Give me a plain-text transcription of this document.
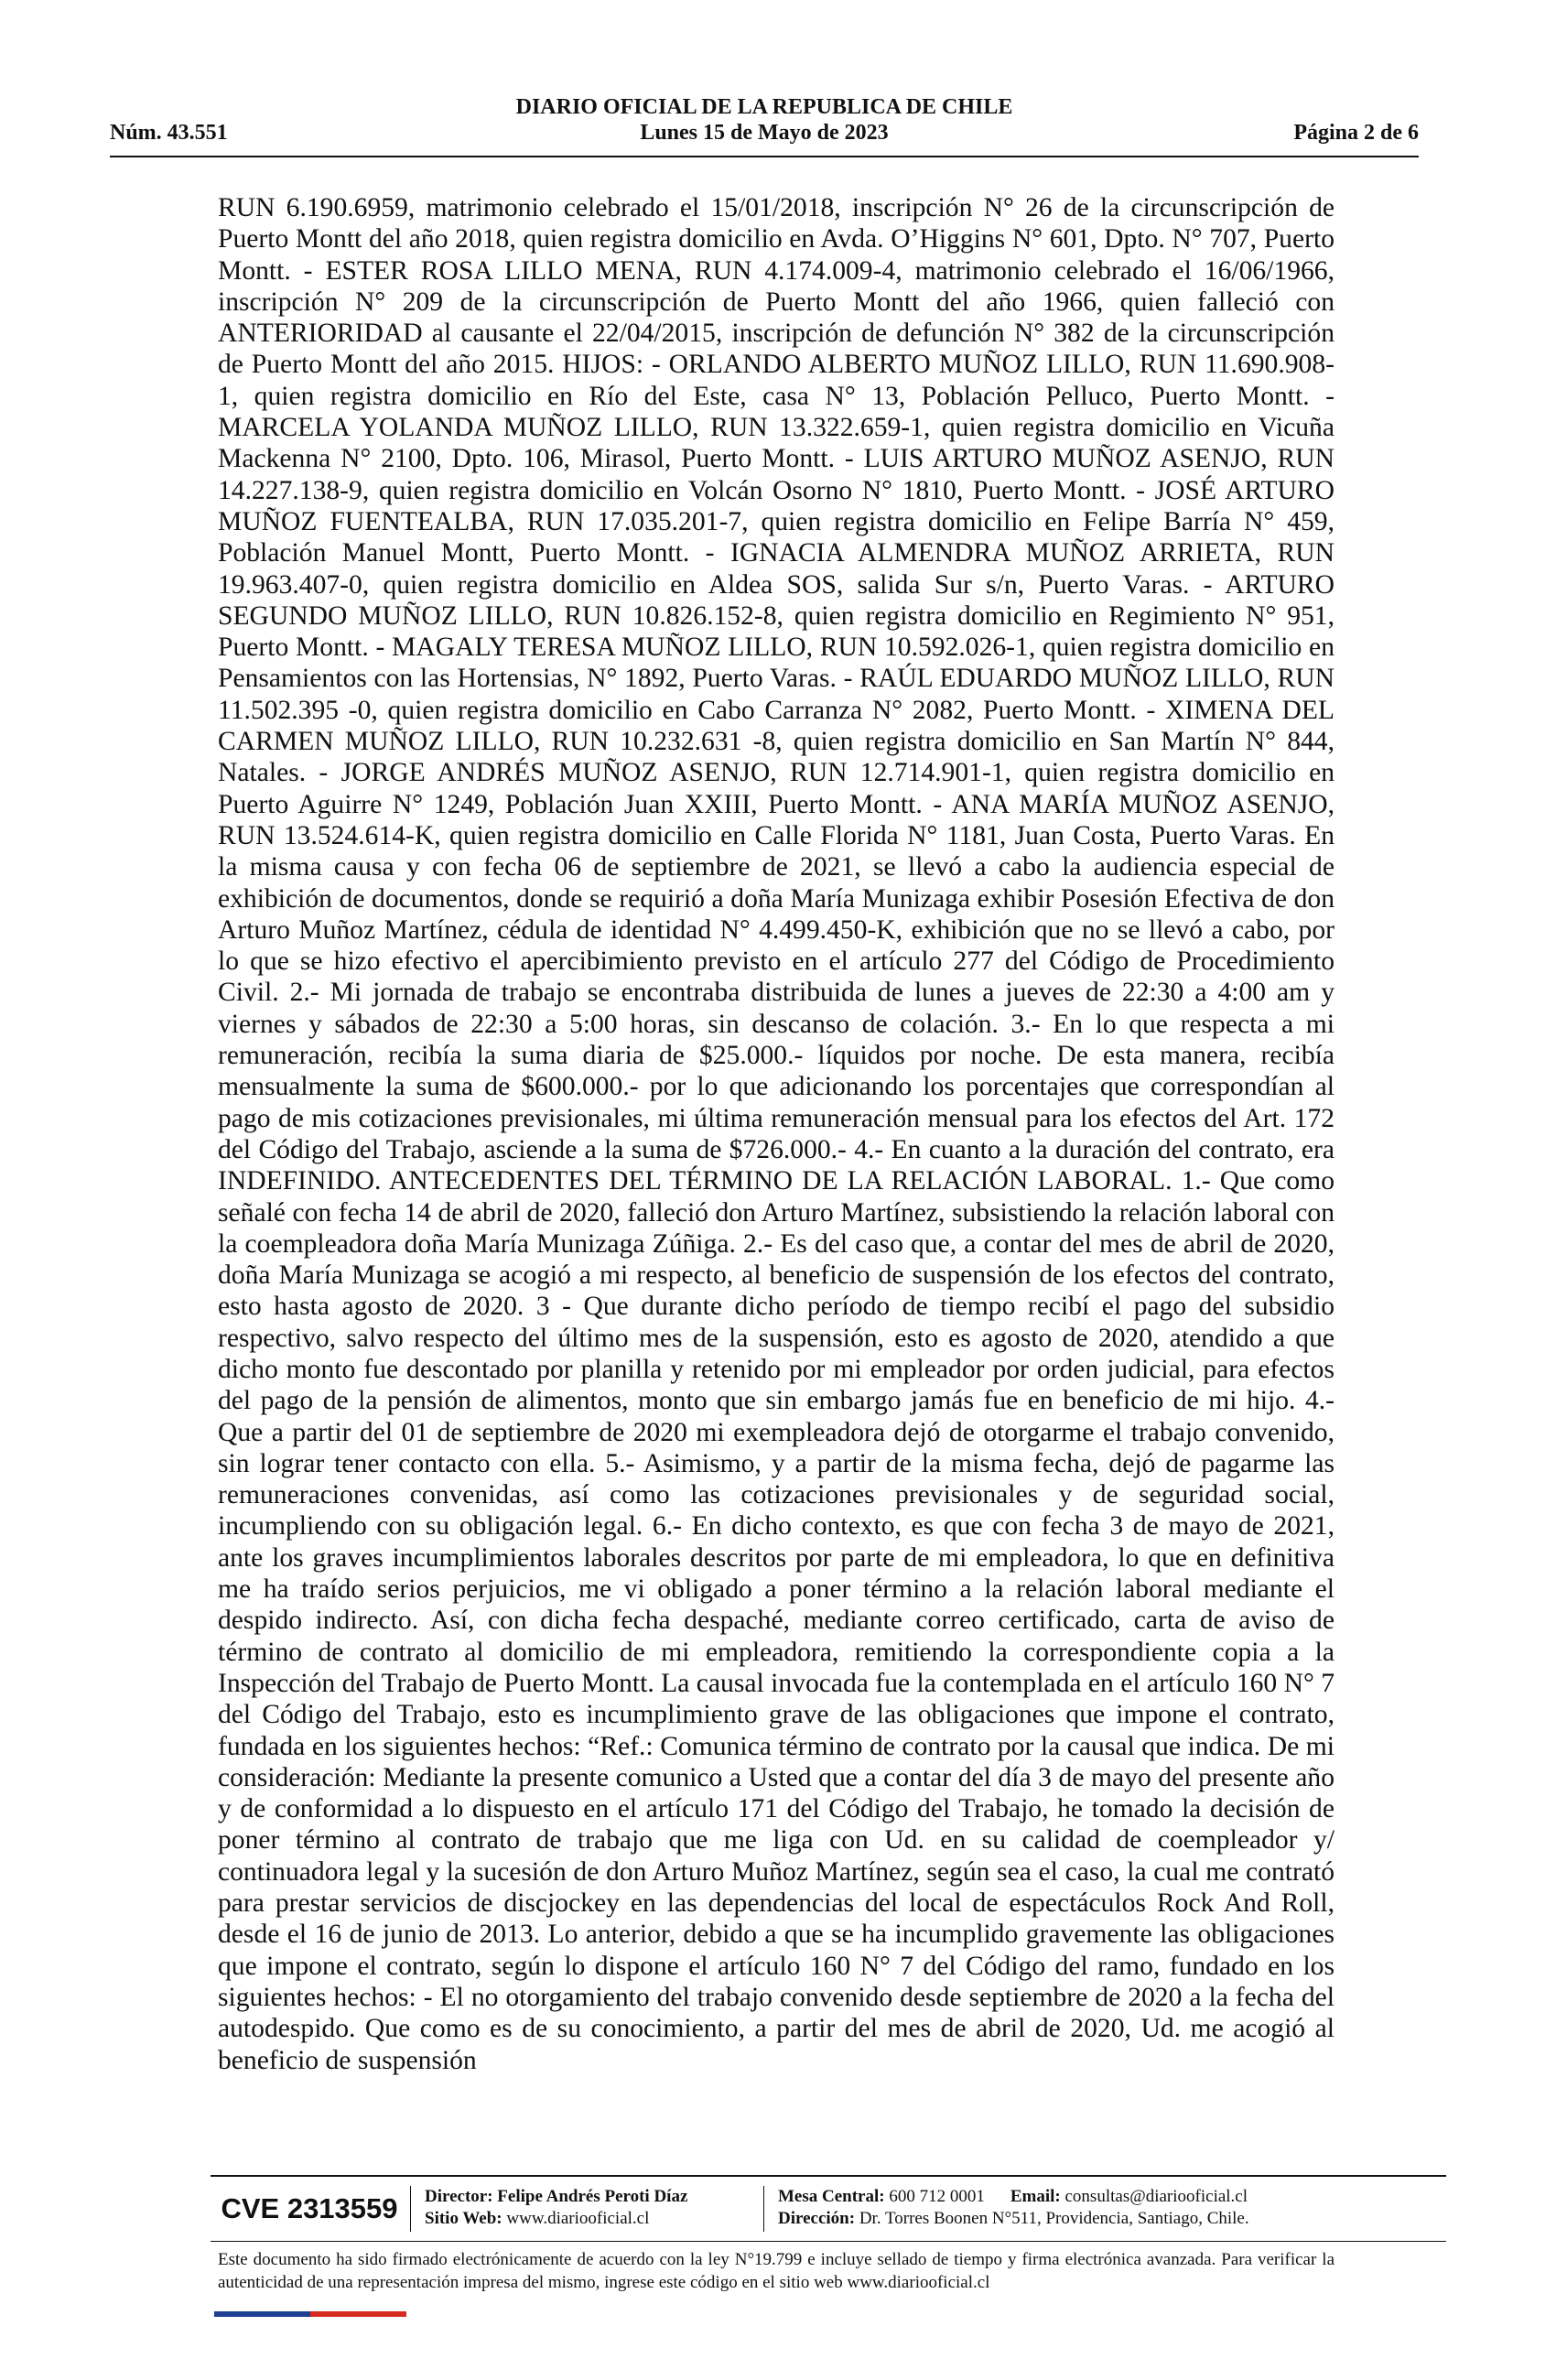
DIARIO OFICIAL DE LA REPUBLICA DE CHILE
Núm. 43.551	Lunes 15 de Mayo de 2023	Página 2 de 6

RUN 6.190.6959, matrimonio celebrado el 15/01/2018, inscripción N° 26 de la circunscripción de Puerto Montt del año 2018, quien registra domicilio en Avda. O’Higgins N° 601, Dpto. N° 707, Puerto Montt. - ESTER ROSA LILLO MENA, RUN 4.174.009-4, matrimonio celebrado el 16/06/1966, inscripción N° 209 de la circunscripción de Puerto Montt del año 1966, quien falleció con ANTERIORIDAD al causante el 22/04/2015, inscripción de defunción N° 382 de la circunscripción de Puerto Montt del año 2015. HIJOS: - ORLANDO ALBERTO MUÑOZ LILLO, RUN 11.690.908-1, quien registra domicilio en Río del Este, casa N° 13, Población Pelluco, Puerto Montt. - MARCELA YOLANDA MUÑOZ LILLO, RUN 13.322.659-1, quien registra domicilio en Vicuña Mackenna N° 2100, Dpto. 106, Mirasol, Puerto Montt. - LUIS ARTURO MUÑOZ ASENJO, RUN 14.227.138-9, quien registra domicilio en Volcán Osorno N° 1810, Puerto Montt. - JOSÉ ARTURO MUÑOZ FUENTEALBA, RUN 17.035.201-7, quien registra domicilio en Felipe Barría N° 459, Población Manuel Montt, Puerto Montt. - IGNACIA ALMENDRA MUÑOZ ARRIETA, RUN 19.963.407-0, quien registra domicilio en Aldea SOS, salida Sur s/n, Puerto Varas. - ARTURO SEGUNDO MUÑOZ LILLO, RUN 10.826.152-8, quien registra domicilio en Regimiento N° 951, Puerto Montt. - MAGALY TERESA MUÑOZ LILLO, RUN 10.592.026-1, quien registra domicilio en Pensamientos con las Hortensias, N° 1892, Puerto Varas. - RAÚL EDUARDO MUÑOZ LILLO, RUN 11.502.395 -0, quien registra domicilio en Cabo Carranza N° 2082, Puerto Montt. - XIMENA DEL CARMEN MUÑOZ LILLO, RUN 10.232.631 -8, quien registra domicilio en San Martín N° 844, Natales. - JORGE ANDRÉS MUÑOZ ASENJO, RUN 12.714.901-1, quien registra domicilio en Puerto Aguirre N° 1249, Población Juan XXIII, Puerto Montt. - ANA MARÍA MUÑOZ ASENJO, RUN 13.524.614-K, quien registra domicilio en Calle Florida N° 1181, Juan Costa, Puerto Varas. En la misma causa y con fecha 06 de septiembre de 2021, se llevó a cabo la audiencia especial de exhibición de documentos, donde se requirió a doña María Munizaga exhibir Posesión Efectiva de don Arturo Muñoz Martínez, cédula de identidad N° 4.499.450-K, exhibición que no se llevó a cabo, por lo que se hizo efectivo el apercibimiento previsto en el artículo 277 del Código de Procedimiento Civil. 2.- Mi jornada de trabajo se encontraba distribuida de lunes a jueves de 22:30 a 4:00 am y viernes y sábados de 22:30 a 5:00 horas, sin descanso de colación. 3.- En lo que respecta a mi remuneración, recibía la suma diaria de $25.000.- líquidos por noche. De esta manera, recibía mensualmente la suma de $600.000.- por lo que adicionando los porcentajes que correspondían al pago de mis cotizaciones previsionales, mi última remuneración mensual para los efectos del Art. 172 del Código del Trabajo, asciende a la suma de $726.000.- 4.- En cuanto a la duración del contrato, era INDEFINIDO. ANTECEDENTES DEL TÉRMINO DE LA RELACIÓN LABORAL. 1.- Que como señalé con fecha 14 de abril de 2020, falleció don Arturo Martínez, subsistiendo la relación laboral con la coempleadora doña María Munizaga Zúñiga. 2.- Es del caso que, a contar del mes de abril de 2020, doña María Munizaga se acogió a mi respecto, al beneficio de suspensión de los efectos del contrato, esto hasta agosto de 2020. 3 - Que durante dicho período de tiempo recibí el pago del subsidio respectivo, salvo respecto del último mes de la suspensión, esto es agosto de 2020, atendido a que dicho monto fue descontado por planilla y retenido por mi empleador por orden judicial, para efectos del pago de la pensión de alimentos, monto que sin embargo jamás fue en beneficio de mi hijo. 4.- Que a partir del 01 de septiembre de 2020 mi exempleadora dejó de otorgarme el trabajo convenido, sin lograr tener contacto con ella. 5.- Asimismo, y a partir de la misma fecha, dejó de pagarme las remuneraciones convenidas, así como las cotizaciones previsionales y de seguridad social, incumpliendo con su obligación legal. 6.- En dicho contexto, es que con fecha 3 de mayo de 2021, ante los graves incumplimientos laborales descritos por parte de mi empleadora, lo que en definitiva me ha traído serios perjuicios, me vi obligado a poner término a la relación laboral mediante el despido indirecto. Así, con dicha fecha despaché, mediante correo certificado, carta de aviso de término de contrato al domicilio de mi empleadora, remitiendo la correspondiente copia a la Inspección del Trabajo de Puerto Montt. La causal invocada fue la contemplada en el artículo 160 N° 7 del Código del Trabajo, esto es incumplimiento grave de las obligaciones que impone el contrato, fundada en los siguientes hechos: “Ref.: Comunica término de contrato por la causal que indica. De mi consideración: Mediante la presente comunico a Usted que a contar del día 3 de mayo del presente año y de conformidad a lo dispuesto en el artículo 171 del Código del Trabajo, he tomado la decisión de poner término al contrato de trabajo que me liga con Ud. en su calidad de coempleador y/ continuadora legal y la sucesión de don Arturo Muñoz Martínez, según sea el caso, la cual me contrató para prestar servicios de discjockey en las dependencias del local de espectáculos Rock And Roll, desde el 16 de junio de 2013. Lo anterior, debido a que se ha incumplido gravemente las obligaciones que impone el contrato, según lo dispone el artículo 160 N° 7 del Código del ramo, fundado en los siguientes hechos: - El no otorgamiento del trabajo convenido desde septiembre de 2020 a la fecha del autodespido. Que como es de su conocimiento, a partir del mes de abril de 2020, Ud. me acogió al beneficio de suspensión

CVE 2313559	Director: Felipe Andrés Peroti Díaz
Sitio Web: www.diariooficial.cl
Mesa Central: 600 712 0001 Email: consultas@diariooficial.cl
Dirección: Dr. Torres Boonen N°511, Providencia, Santiago, Chile.

Este documento ha sido firmado electrónicamente de acuerdo con la ley N°19.799 e incluye sellado de tiempo y firma electrónica avanzada. Para verificar la autenticidad de una representación impresa del mismo, ingrese este código en el sitio web www.diariooficial.cl
